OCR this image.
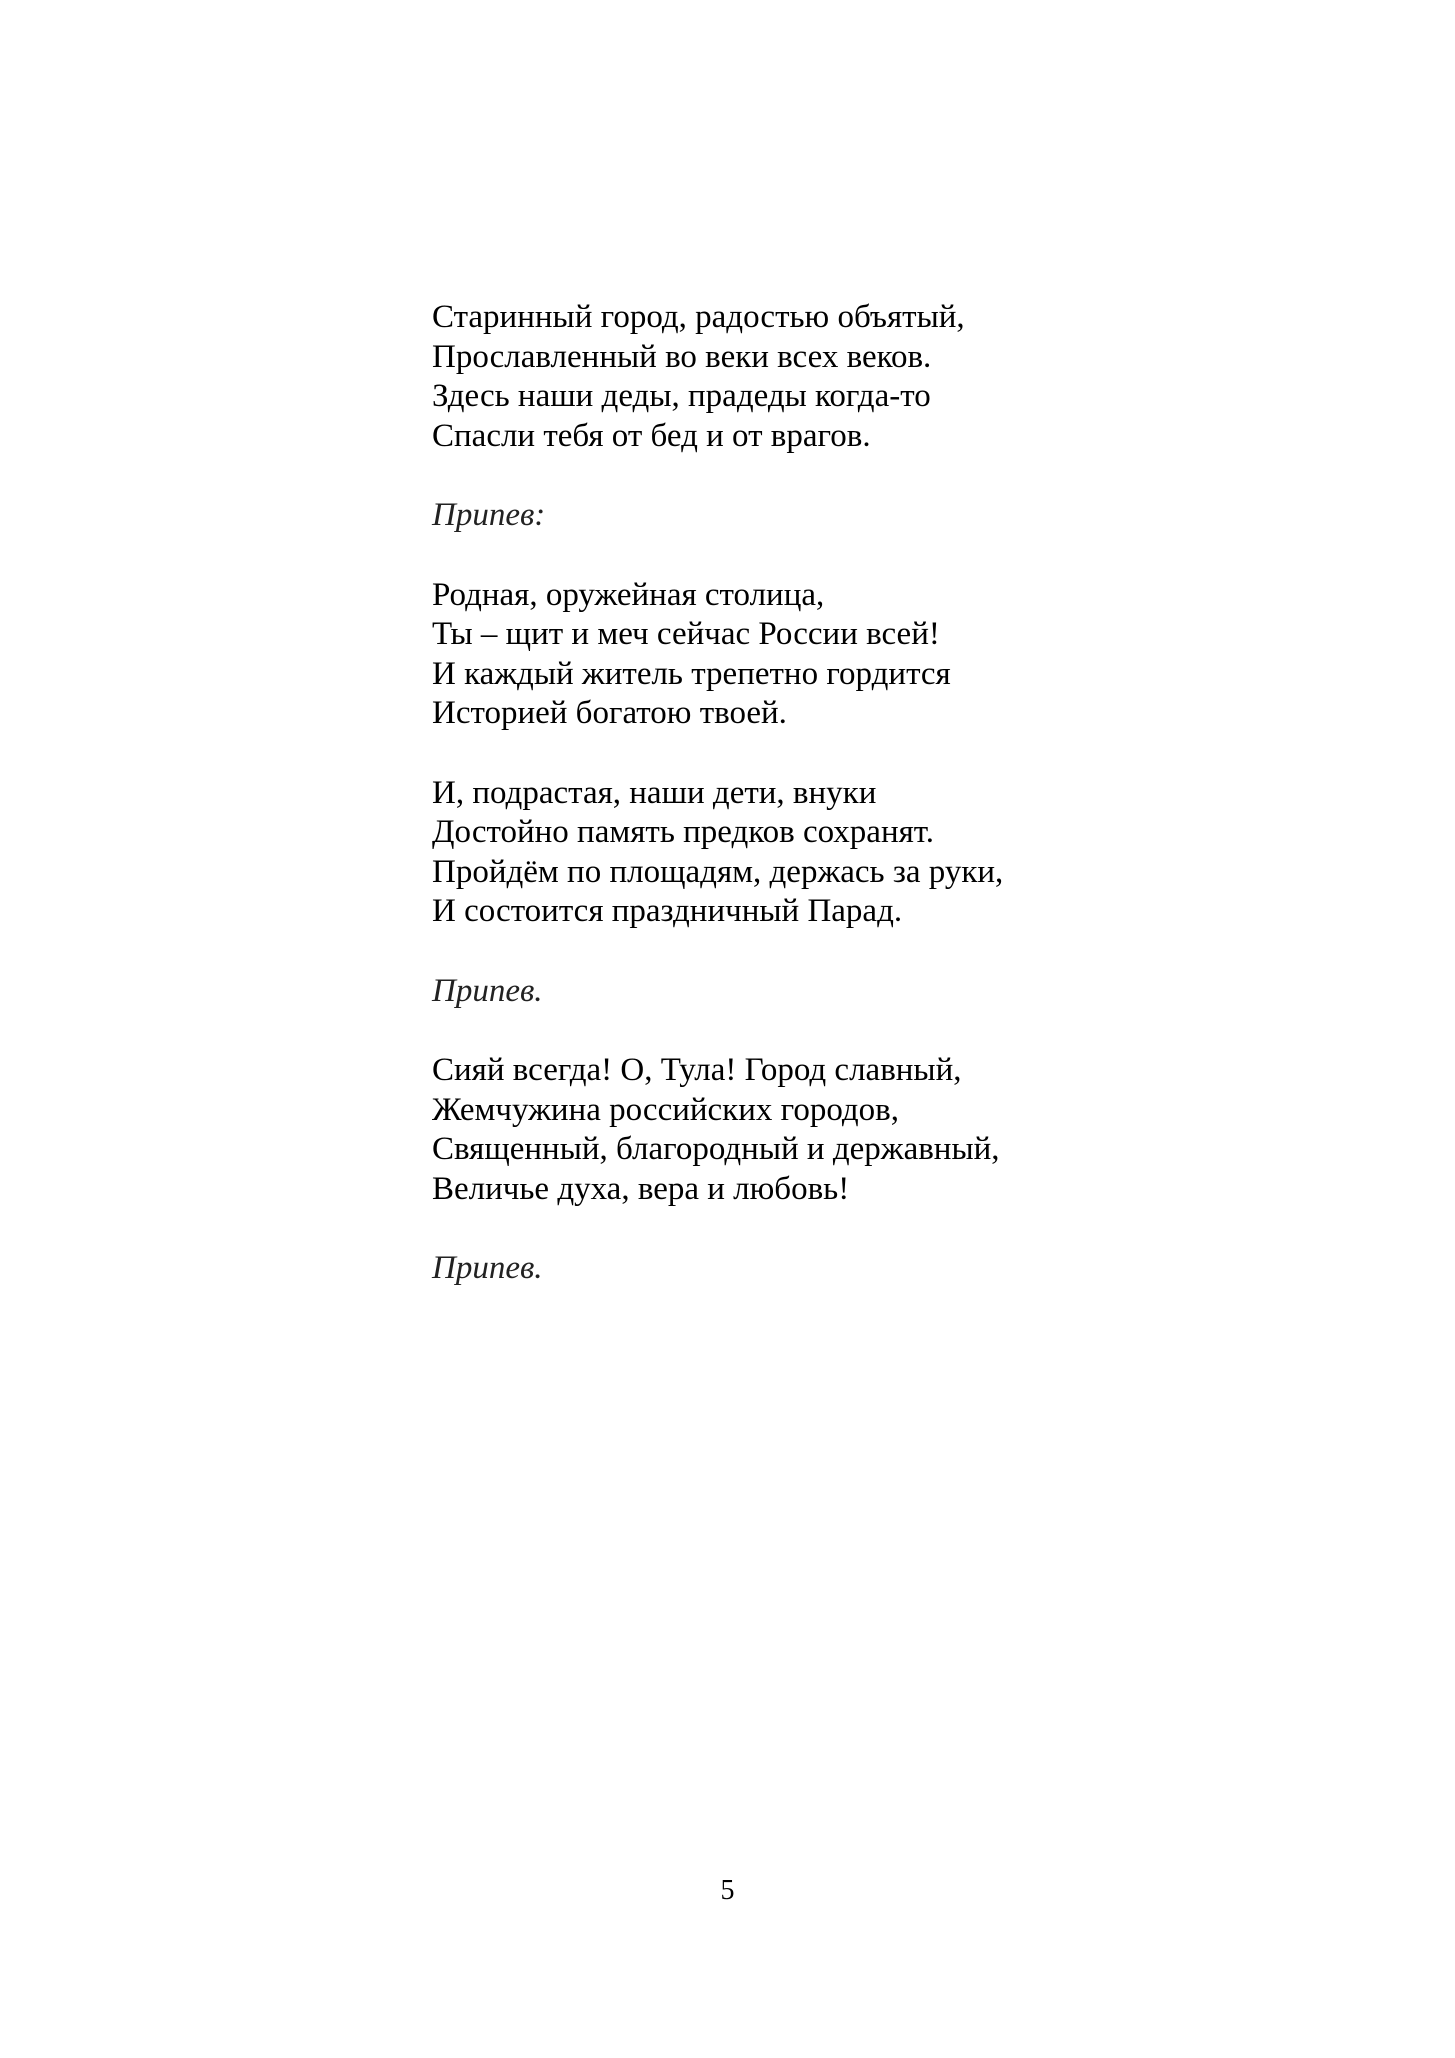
Старинный город, радостью объятый,
Прославленный во веки всех веков.
Здесь наши деды, прадеды когда-то
Спасли тебя от бед и от врагов.
Припев:
Родная, оружейная столица,
Ты – щит и меч сейчас России всей!
И каждый житель трепетно гордится
Историей богатою твоей.
И, подрастая, наши дети, внуки
Достойно память предков сохранят.
Пройдём по площадям, держась за руки,
И состоится праздничный Парад.
Припев.
Сияй всегда! О, Тула! Город славный,
Жемчужина российских городов,
Священный, благородный и державный,
Величье духа, вера и любовь!
Припев.
5
